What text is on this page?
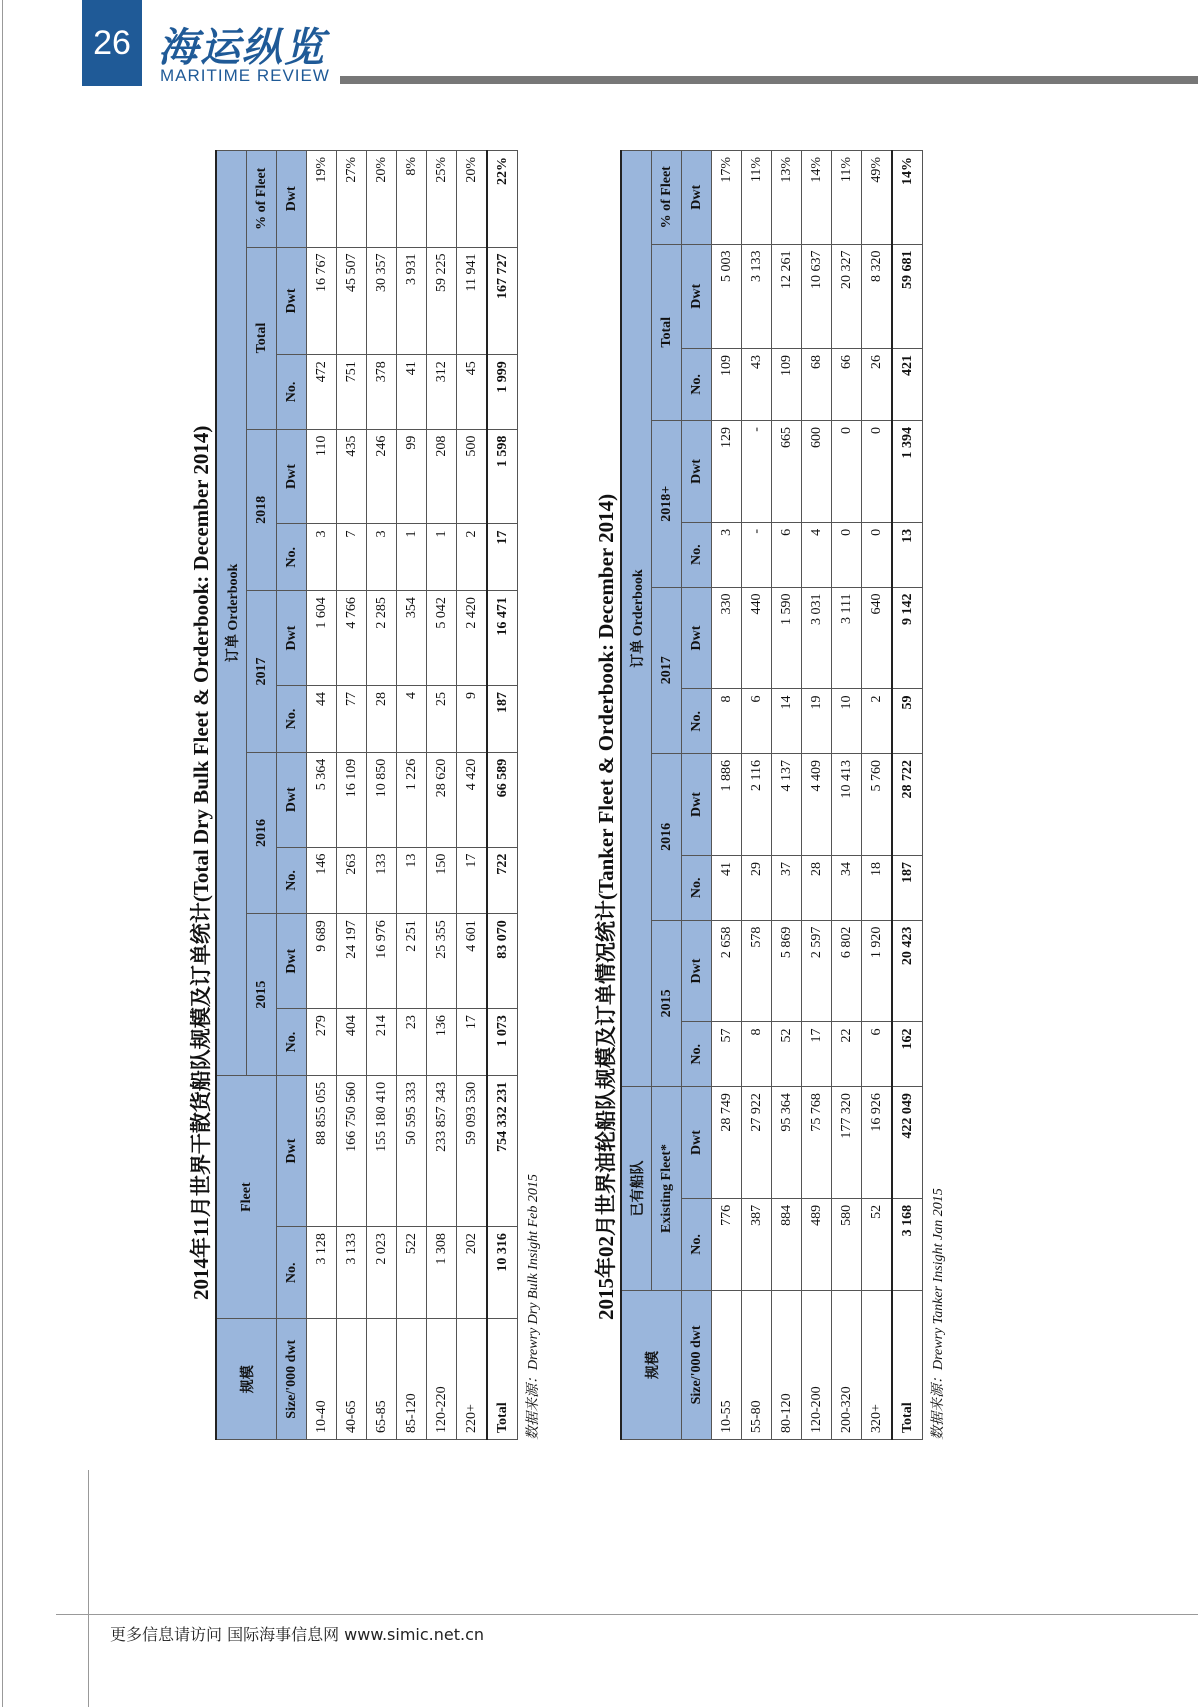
26 海运纵览
MARITIME REVIEW
2014年11月世界干散货船队规模及订单统计(Total Dry Bulk Fleet & Orderbook: December 2014)
规模	Fleet		订单 Orderbook										
			2015		2016		2017		2018		Total		% of Fleet
Size/'000 dwt	No.	Dwt	No.	Dwt	No.	Dwt	No.	Dwt	No.	Dwt	No.	Dwt	Dwt
10-40	3 128	88 855 055	279	9 689	146	5 364	44	1 604	3	110	472	16 767	19%
40-65	3 133	166 750 560	404	24 197	263	16 109	77	4 766	7	435	751	45 507	27%
65-85	2 023	155 180 410	214	16 976	133	10 850	28	2 285	3	246	378	30 357	20%
85-120	522	50 595 333	23	2 251	13	1 226	4	354	1	99	41	3 931	8%
120-220	1 308	233 857 343	136	25 355	150	28 620	25	5 042	1	208	312	59 225	25%
220+	202	59 093 530	17	4 601	17	4 420	9	2 420	2	500	45	11 941	20%
Total	10 316	754 332 231	1 073	83 070	722	66 589	187	16 471	17	1 598	1 999	167 727	22%
数据来源：Drewry Dry Bulk Insight Feb 2015	2015年02月世界油轮船队规模及订单情况统计(Tanker Fleet & Orderbook: December 2014)
规模	已有船队		订单 Orderbook										
	Existing Fleet*		2015		2016		2017		2018+		Total		% of Fleet
Size/'000 dwt	No.	Dwt	No.	Dwt	No.	Dwt	No.	Dwt	No.	Dwt	No.	Dwt	Dwt
10-55	776	28 749	57	2 658	41	1 886	8	330	3	129	109	5 003	17%
55-80	387	27 922	8	578	29	2 116	6	440	-	-	43	3 133	11%
80-120	884	95 364	52	5 869	37	4 137	14	1 590	6	665	109	12 261	13%
120-200	489	75 768	17	2 597	28	4 409	19	3 031	4	600	68	10 637	14%
200-320	580	177 320	22	6 802	34	10 413	10	3 111	0	0	66	20 327	11%
320+	52	16 926	6	1 920	18	5 760	2	640	0	0	26	8 320	49%
Total	3 168	422 049	162	20 423	187	28 722	59	9 142	13	1 394	421	59 681	14%
数据来源：Drewry Tanker Insight Jan 2015
更多信息请访问 国际海事信息网 www.simic.net.cn
